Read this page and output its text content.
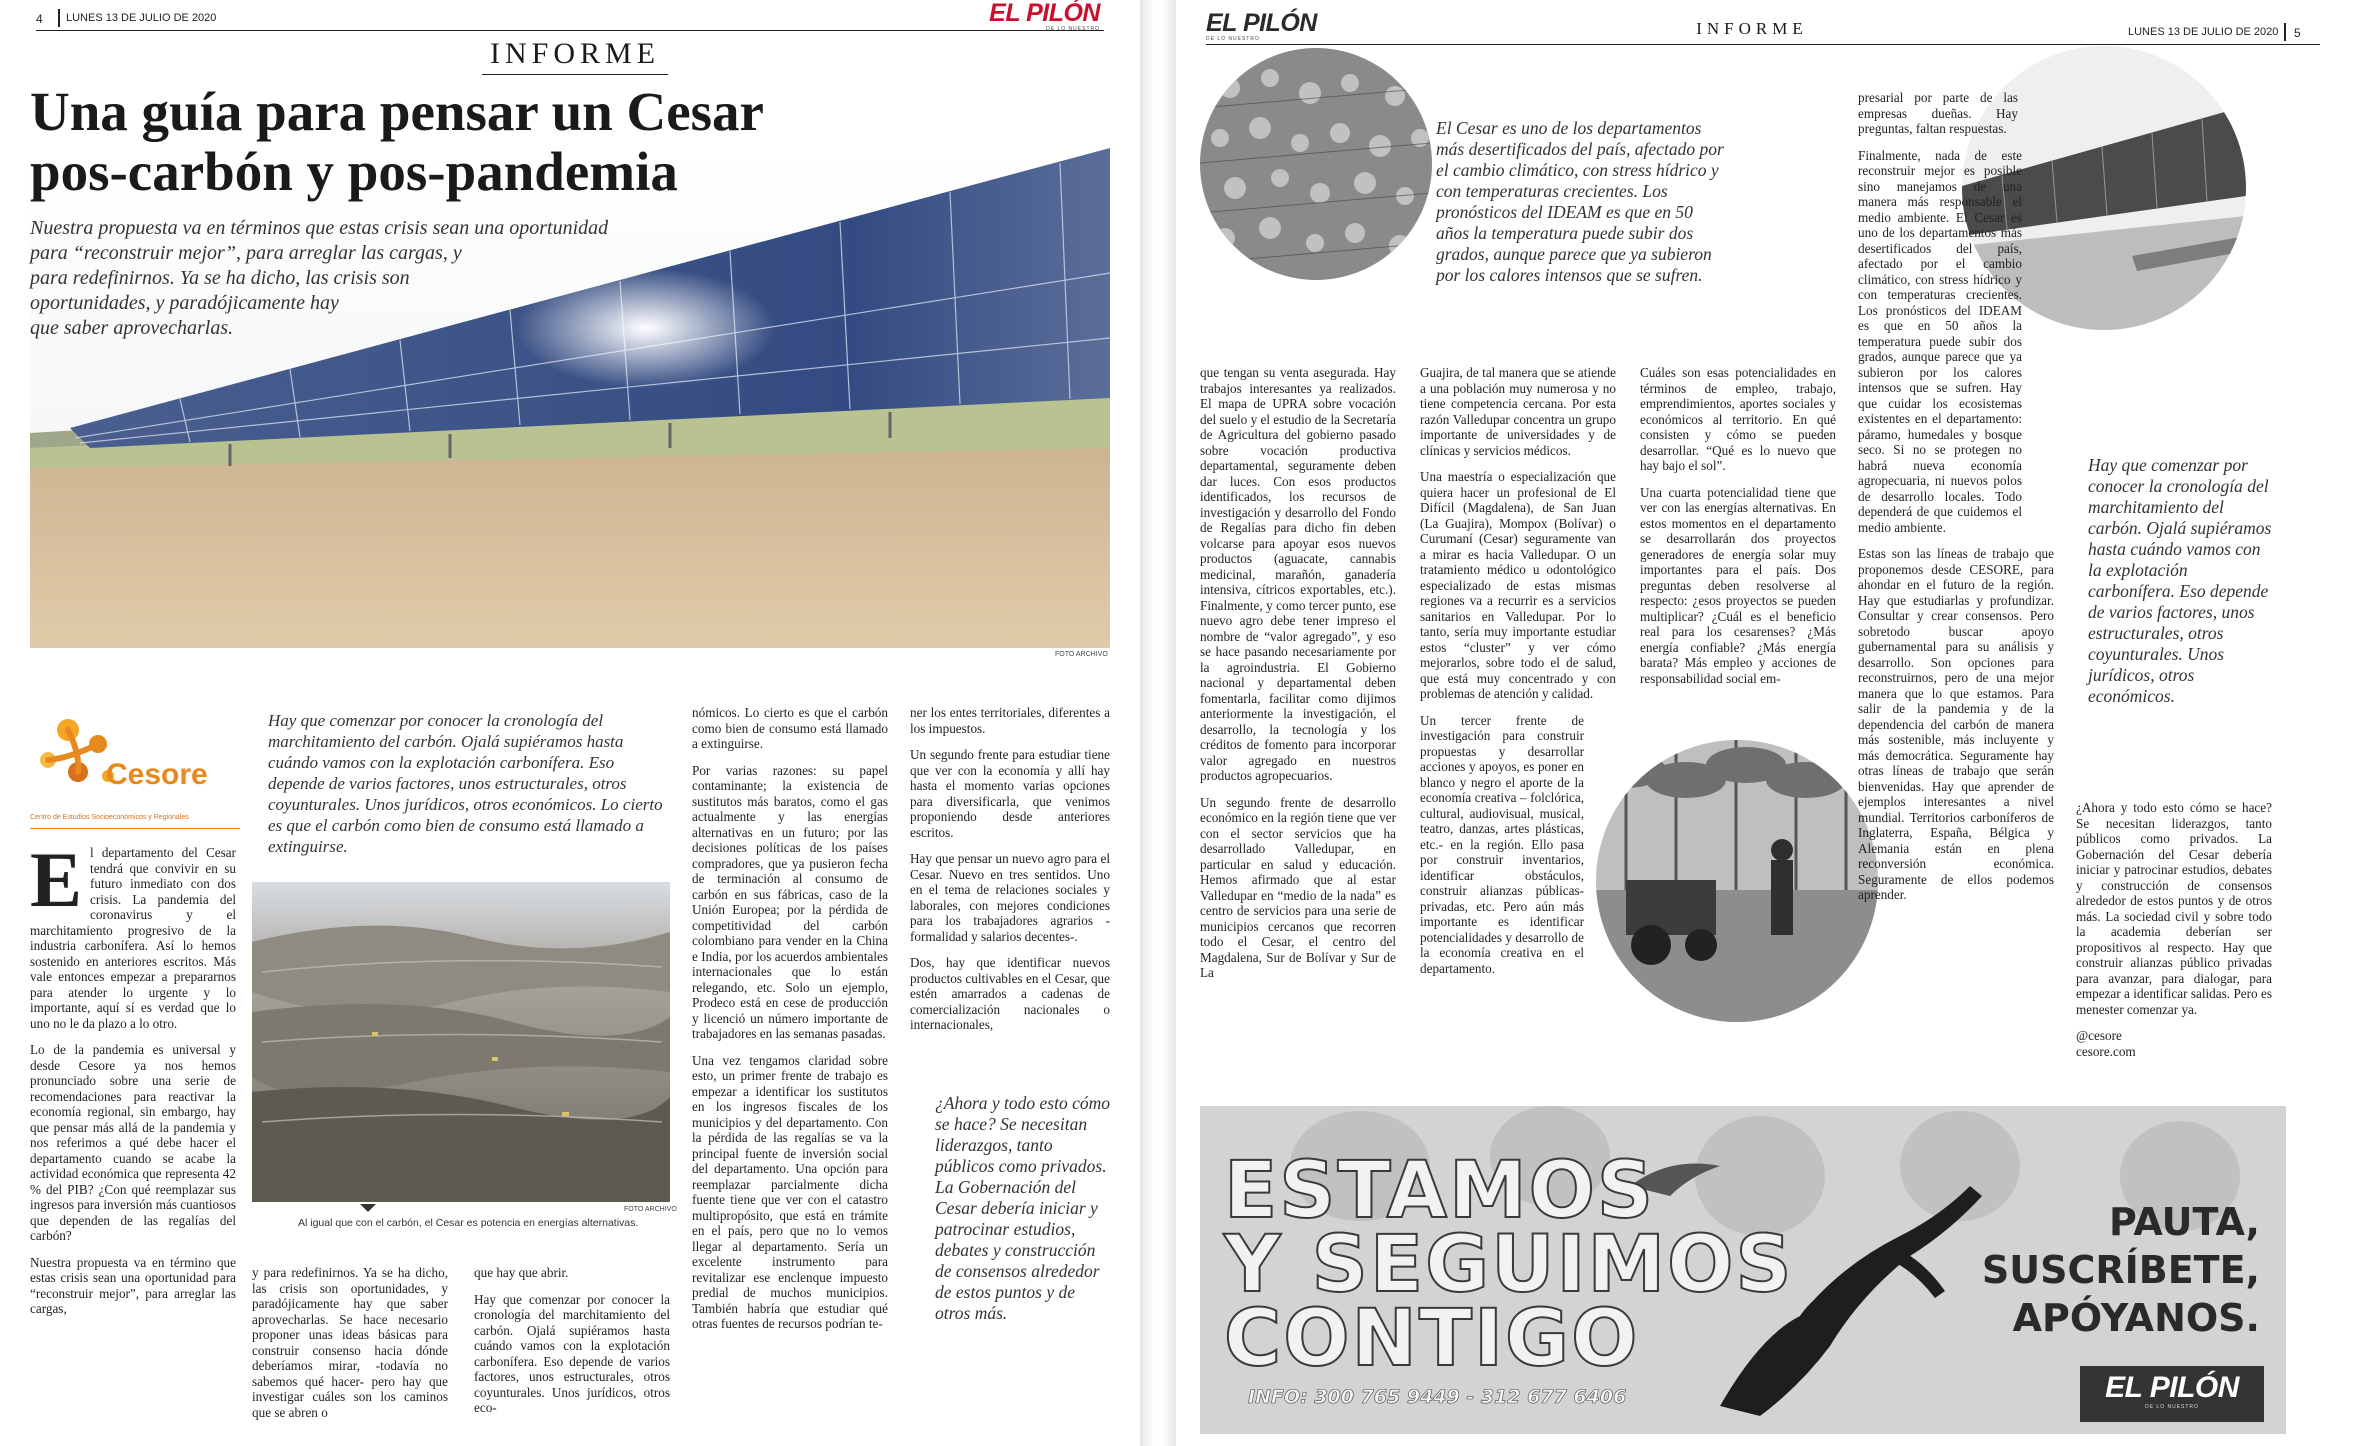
4 LUNES 13 DE JULIO DE 2020	EL PILÓN
DE LO NUESTRO
INFORME
Una guía para pensar un Cesar
pos-carbón y pos-pandemia
Nuestra propuesta va en términos que estas crisis sean una oportunidad
para “reconstruir mejor”, para arreglar las cargas, y
para redefinirnos. Ya se ha dicho, las crisis son
oportunidades, y paradójicamente hay
que saber aprovecharlas.
FOTO ARCHIVO
Cesore
Centro de Estudios Socioeconómicos y Regionales
Hay que comenzar por conocer la cronología del marchitamiento del carbón. Ojalá supiéramos hasta cuándo vamos con la explotación carbonífera. Eso depende de varios factores, unos estructurales, otros coyunturales. Unos jurídicos, otros económicos. Lo cierto es que el carbón como bien de consumo está llamado a extinguirse.
FOTO ARCHIVO
Al igual que con el carbón, el Cesar es potencia en energías alternativas.

El departamento del Cesar tendrá que convivir en su futuro inmediato con dos crisis. La pandemia del coronavirus y el marchitamiento progresivo de la industria carbonífera. Así lo hemos sostenido en anteriores escritos. Más vale entonces empezar a prepararnos para atender lo urgente y lo importante, aquí sí es verdad que lo uno no le da plazo a lo otro.

Lo de la pandemia es universal y desde Cesore ya nos hemos pronunciado sobre una serie de recomendaciones para reactivar la economía regional, sin embargo, hay que pensar más allá de la pandemia y nos referimos a qué debe hacer el departamento cuando se acabe la actividad económica que representa 42 % del PIB? ¿Con qué reemplazar sus ingresos para inversión más cuantiosos que dependen de las regalías del carbón?

Nuestra propuesta va en término que estas crisis sean una oportunidad para “reconstruir mejor”, para arreglar las cargas,

y para redefinirnos. Ya se ha dicho, las crisis son oportunidades, y paradójicamente hay que saber aprovecharlas. Se hace necesario proponer unas ideas básicas para construir consenso hacia dónde deberíamos mirar, -todavía no sabemos qué hacer- pero hay que investigar cuáles son los caminos que se abren o

que hay que abrir.

Hay que comenzar por conocer la cronología del marchitamiento del carbón. Ojalá supiéramos hasta cuándo vamos con la explotación carbonífera. Eso depende de varios factores, unos estructurales, otros coyunturales. Unos jurídicos, otros eco-

nómicos. Lo cierto es que el carbón como bien de consumo está llamado a extinguirse.

Por varias razones: su papel contaminante; la existencia de sustitutos más baratos, como el gas actualmente y las energías alternativas en un futuro; por las decisiones políticas de los países compradores, que ya pusieron fecha de terminación al consumo de carbón en sus fábricas, caso de la Unión Europea; por la pérdida de competitividad del carbón colombiano para vender en la China e India, por los acuerdos ambientales internacionales que lo están relegando, etc. Solo un ejemplo, Prodeco está en cese de producción y licenció un número importante de trabajadores en las semanas pasadas.

Una vez tengamos claridad sobre esto, un primer frente de trabajo es empezar a identificar los sustitutos en los ingresos fiscales de los municipios y del departamento. Con la pérdida de las regalías se va la principal fuente de inversión social del departamento. Una opción para reemplazar parcialmente dicha fuente tiene que ver con el catastro multipropósito, que está en trámite en el país, pero que no lo vemos llegar al departamento. Sería un excelente instrumento para revitalizar ese enclenque impuesto predial de muchos municipios. También habría que estudiar qué otras fuentes de recursos podrían te-

ner los entes territoriales, diferentes a los impuestos.

Un segundo frente para estudiar tiene que ver con la economía y allí hay hasta el momento varias opciones para diversificarla, que venimos proponiendo desde anteriores escritos.

Hay que pensar un nuevo agro para el Cesar. Nuevo en tres sentidos. Uno en el tema de relaciones sociales y laborales, con mejores condiciones para los trabajadores agrarios - formalidad y salarios decentes-.

Dos, hay que identificar nuevos productos cultivables en el Cesar, que estén amarrados a cadenas de comercialización nacionales o internacionales,

¿Ahora y todo esto cómo se hace? Se necesitan liderazgos, tanto públicos como privados. La Gobernación del Cesar debería iniciar y patrocinar estudios, debates y construcción de consensos alrededor de estos puntos y de otros más.
EL PILÓN
DE LO NUESTRO
INFORME	LUNES 13 DE JULIO DE 2020 5
El Cesar es uno de los departamentos más desertificados del país, afectado por el cambio climático, con stress hídrico y con temperaturas crecientes. Los pronósticos del IDEAM es que en 50 años la temperatura puede subir dos grados, aunque parece que ya subieron por los calores intensos que se sufren.

que tengan su venta asegurada. Hay trabajos interesantes ya realizados. El mapa de UPRA sobre vocación del suelo y el estudio de la Secretaría de Agricultura del gobierno pasado sobre vocación productiva departamental, seguramente deben dar luces. Con esos productos identificados, los recursos de investigación y desarrollo del Fondo de Regalías para dicho fin deben volcarse para apoyar esos nuevos productos (aguacate, cannabis medicinal, marañón, ganadería intensiva, cítricos exportables, etc.). Finalmente, y como tercer punto, ese nuevo agro debe tener impreso el nombre de “valor agregado”, y eso se hace pasando necesariamente por la agroindustria. El Gobierno nacional y departamental deben fomentarla, facilitar como dijimos anteriormente la investigación, el desarrollo, la tecnología y los créditos de fomento para incorporar valor agregado en nuestros productos agropecuarios.

Un segundo frente de desarrollo económico en la región tiene que ver con el sector servicios que ha desarrollado Valledupar, en particular en salud y educación. Hemos afirmado que al estar Valledupar en “medio de la nada” es centro de servicios para una serie de municipios cercanos que recorren todo el Cesar, el centro del Magdalena, Sur de Bolívar y Sur de La

Guajira, de tal manera que se atiende a una población muy numerosa y no tiene competencia cercana. Por esta razón Valledupar concentra un grupo importante de universidades y de clínicas y servicios médicos.

Una maestría o especialización que quiera hacer un profesional de El Difícil (Magdalena), de San Juan (La Guajira), Mompox (Bolívar) o Curumaní (Cesar) seguramente van a mirar es hacia Valledupar. O un tratamiento médico u odontológico especializado de estas mismas regiones va a recurrir es a servicios sanitarios en Valledupar. Por lo tanto, sería muy importante estudiar estos “cluster” y ver cómo mejorarlos, sobre todo el de salud, que está muy concentrado y con problemas de atención y calidad.

Un tercer frente de investigación para construir propuestas y desarrollar acciones y apoyos, es poner en blanco y negro el aporte de la economía creativa – folclórica, cultural, audiovisual, musical, teatro, danzas, artes plásticas, etc.- en la región. Ello pasa por construir inventarios, identificar obstáculos, construir alianzas públicas-privadas, etc. Pero aún más importante es identificar potencialidades y desarrollo de la economía creativa en el departamento.

Cuáles son esas potencialidades en términos de empleo, trabajo, emprendimientos, aportes sociales y económicos al territorio. En qué consisten y cómo se pueden desarrollar. “Qué es lo nuevo que hay bajo el sol”.

Una cuarta potencialidad tiene que ver con las energías alternativas. En estos momentos en el departamento se desarrollarán dos proyectos generadores de energía solar muy importantes para el país. Dos preguntas deben resolverse al respecto: ¿esos proyectos se pueden multiplicar? ¿Cuál es el beneficio real para los cesarenses? ¿Más energía confiable? ¿Más energía barata? Más empleo y acciones de responsabilidad social em-

presarial por parte de las empresas dueñas. Hay preguntas, faltan respuestas.

Finalmente, nada de este reconstruir mejor es posible sino manejamos de una manera más responsable el medio ambiente. El Cesar es uno de los departamentos más desertificados del país, afectado por el cambio climático, con stress hídrico y con temperaturas crecientes. Los pronósticos del IDEAM es que en 50 años la temperatura puede subir dos grados, aunque parece que ya subieron por los calores intensos que se sufren. Hay que cuidar los ecosistemas existentes en el departamento: páramo, humedales y bosque seco. Si no se protegen no habrá nueva economía agropecuaria, ni nuevos polos de desarrollo locales. Todo dependerá de que cuidemos el medio ambiente.

Estas son las líneas de trabajo que proponemos desde CESORE, para ahondar en el futuro de la región. Hay que estudiarlas y profundizar. Consultar y crear consensos. Pero sobretodo buscar apoyo gubernamental para su análisis y desarrollo. Son opciones para reconstruirnos, pero de una mejor manera que lo que estamos. Para salir de la pandemia y de la dependencia del carbón de manera más sostenible, más incluyente y más democrática. Seguramente hay otras líneas de trabajo que serán bienvenidas. Hay que aprender de ejemplos interesantes a nivel mundial. Territorios carboníferos de Inglaterra, España, Bélgica y Alemania están en plena reconversión económica. Seguramente de ellos podemos aprender.

Hay que comenzar por conocer la cronología del marchitamiento del carbón. Ojalá supiéramos hasta cuándo vamos con la explotación carbonífera. Eso depende de varios factores, unos estructurales, otros coyunturales. Unos jurídicos, otros económicos.

¿Ahora y todo esto cómo se hace? Se necesitan liderazgos, tanto públicos como privados. La Gobernación del Cesar debería iniciar y patrocinar estudios, debates y construcción de consensos alrededor de estos puntos y de otros más. La sociedad civil y sobre todo la academia deberían ser propositivos al respecto. Hay que construir alianzas público privadas para avanzar, para dialogar, para empezar a identificar salidas. Pero es menester comenzar ya.

@cesore
cesore.com
ESTAMOS
Y SEGUIMOS
CONTIGO
INFO: 300 765 9449 - 312 677 6406
PAUTA,
SUSCRÍBETE,
APÓYANOS.
EL PILÓN
DE LO NUESTRO
